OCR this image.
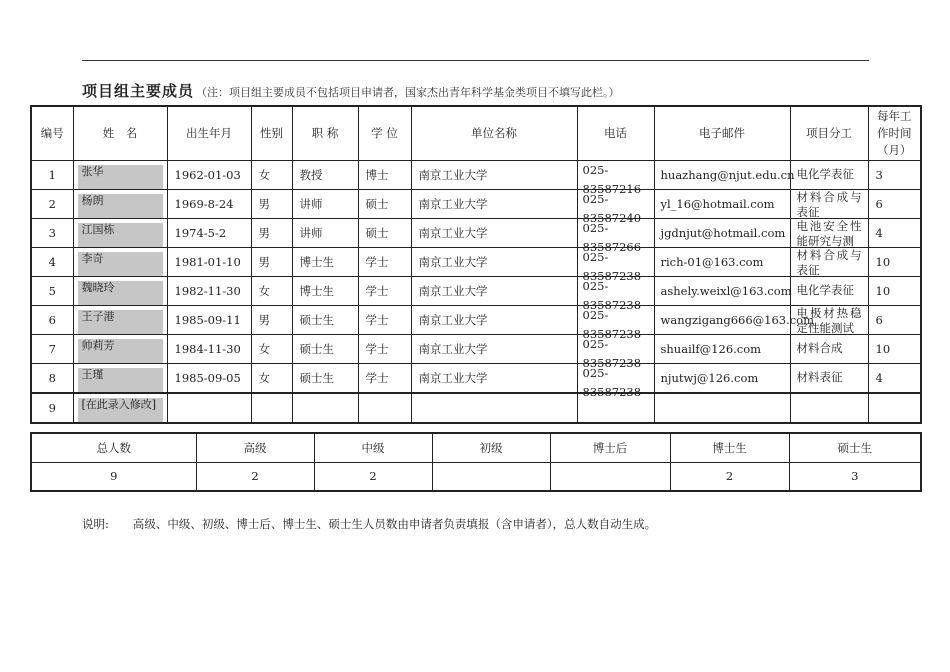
项目组主要成员 （注：项目组主要成员不包括项目申请者，国家杰出青年科学基金类项目不填写此栏。）
编号	姓　名	出生年月	性别	职 称	学 位	单位名称	电话	电子邮件	项目分工	每年工作时间（月）
1	张华	1962-01-03	女	教授	博士	南京工业大学	025-83587216	huazhang@njut.edu.cn	电化学表征	3
2	杨朗	1969-8-24	男	讲师	硕士	南京工业大学	025-83587240	yl_16@hotmail.com	材料合成与表征	6
3	江国栋	1974-5-2	男	讲师	硕士	南京工业大学	025-83587266	jgdnjut@hotmail.com	电池安全性能研究与测	4
4	李奇	1981-01-10	男	博士生	学士	南京工业大学	025-83587238	rich-01@163.com	材料合成与表征	10
5	魏晓玲	1982-11-30	女	博士生	学士	南京工业大学	025-83587238	ashely.weixl@163.com	电化学表征	10
6	王子港	1985-09-11	男	硕士生	学士	南京工业大学	025-83587238	wangzigang666@163.com	电极材热稳定性能测试	6
7	帅莉芳	1984-11-30	女	硕士生	学士	南京工业大学	025-83587238	shuailf@126.com	材料合成	10
8	王瑾	1985-09-05	女	硕士生	学士	南京工业大学	025-83587238	njutwj@126.com	材料表征	4
9	[在此录入修改]									

总人数	高级	中级	初级	博士后	博士生	硕士生
9	2	2			2	3
说明: 高级、中级、初级、博士后、博士生、硕士生人员数由申请者负责填报（含申请者），总人数自动生成。
